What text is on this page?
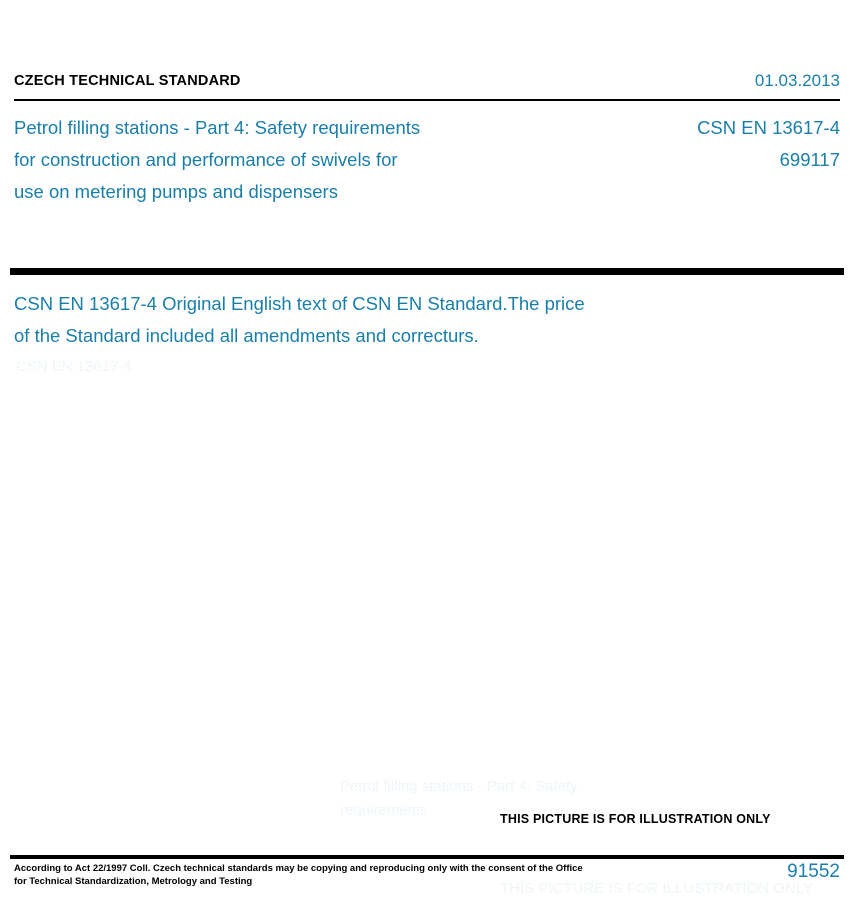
CZECH TECHNICAL STANDARD	01.03.2013
Petrol filling stations - Part 4: Safety requirements
for construction and performance of swivels for
use on metering pumps and dispensers
CSN EN 13617-4
699117
CSN EN 13617-4 Original English text of CSN EN Standard.The price
of the Standard included all amendments and correcturs.
CSN EN 13617-4
Petrol filling stations - Part 4: Safety
requirements
THIS PICTURE IS FOR ILLUSTRATION ONLY
THIS PICTURE IS FOR ILLUSTRATION ONLY
According to Act 22/1997 Coll. Czech technical standards may be copying and reproducing only with the consent of the Office
for Technical Standardization, Metrology and Testing	91552
